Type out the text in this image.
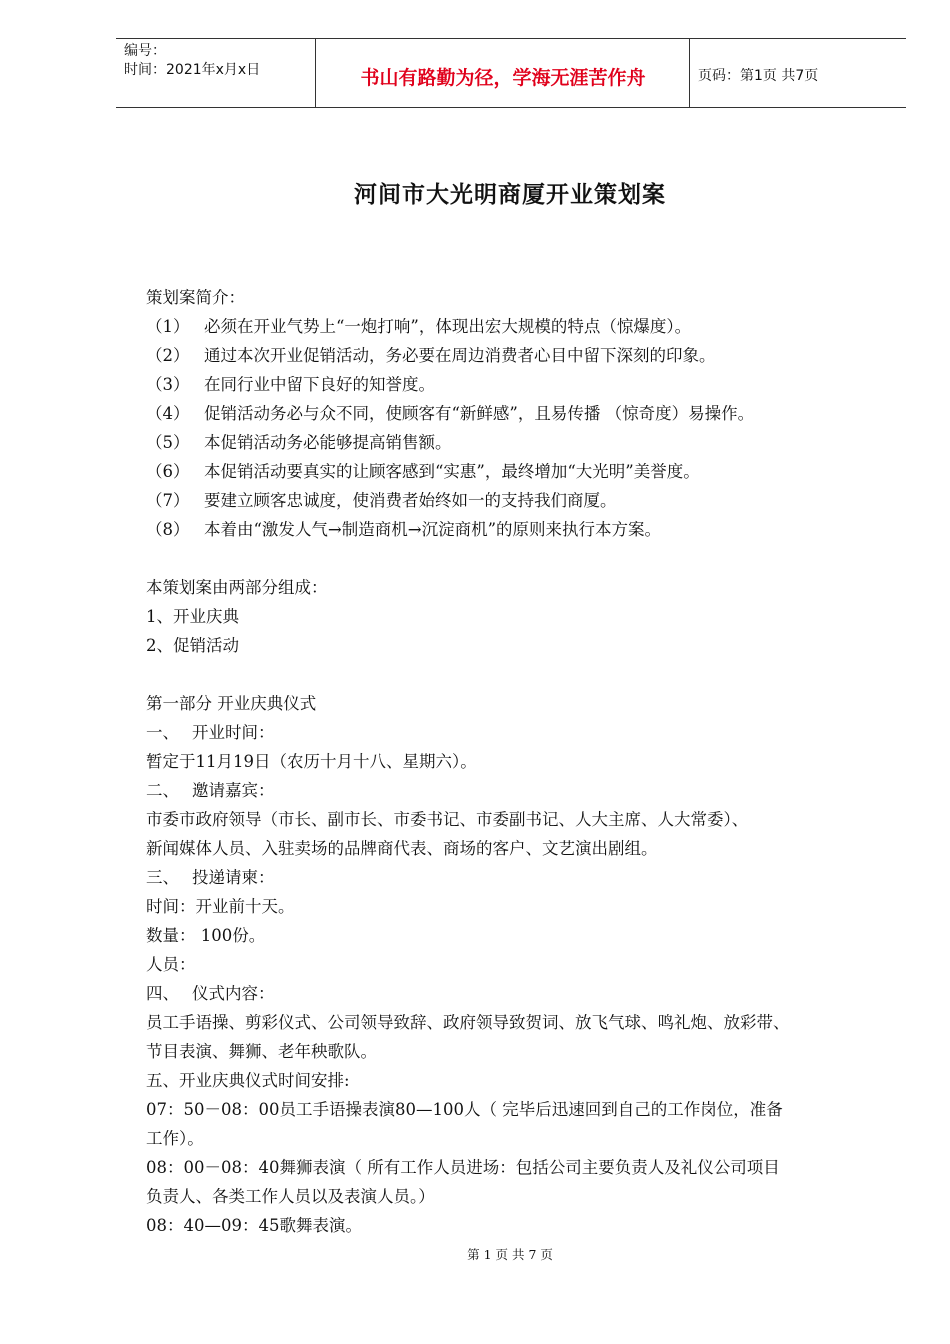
编号：
时间：2021年x月x日	书山有路勤为径，学海无涯苦作舟	页码：第1页 共7页
河间市大光明商厦开业策划案
策划案简介：
（1） 必须在开业气势上“一炮打响”，体现出宏大规模的特点（惊爆度）。
（2） 通过本次开业促销活动，务必要在周边消费者心目中留下深刻的印象。
（3） 在同行业中留下良好的知誉度。
（4） 促销活动务必与众不同，使顾客有“新鲜感”，且易传播 （惊奇度）易操作。
（5） 本促销活动务必能够提高销售额。
（6） 本促销活动要真实的让顾客感到“实惠”，最终增加“大光明”美誉度。
（7） 要建立顾客忠诚度，使消费者始终如一的支持我们商厦。
（8） 本着由“激发人气→制造商机→沉淀商机”的原则来执行本方案。
本策划案由两部分组成：
1、开业庆典
2、促销活动
第一部分 开业庆典仪式
一、 开业时间：
暂定于11月19日（农历十月十八、星期六）。
二、 邀请嘉宾：
市委市政府领导（市长、副市长、市委书记、市委副书记、人大主席、人大常委）、
新闻媒体人员、入驻卖场的品牌商代表、商场的客户、文艺演出剧组。
三、 投递请柬：
时间：开业前十天。
数量： 100份。
人员：
四、 仪式内容：
员工手语操、剪彩仪式、公司领导致辞、政府领导致贺词、放飞气球、鸣礼炮、放彩带、
节目表演、舞狮、老年秧歌队。
五、开业庆典仪式时间安排:
07：50－08：00员工手语操表演80—100人（ 完毕后迅速回到自己的工作岗位，准备
工作）。
08：00－08：40舞狮表演（ 所有工作人员进场：包括公司主要负责人及礼仪公司项目
负责人、各类工作人员以及表演人员。）
08：40—09：45歌舞表演。
第 1 页 共 7 页
